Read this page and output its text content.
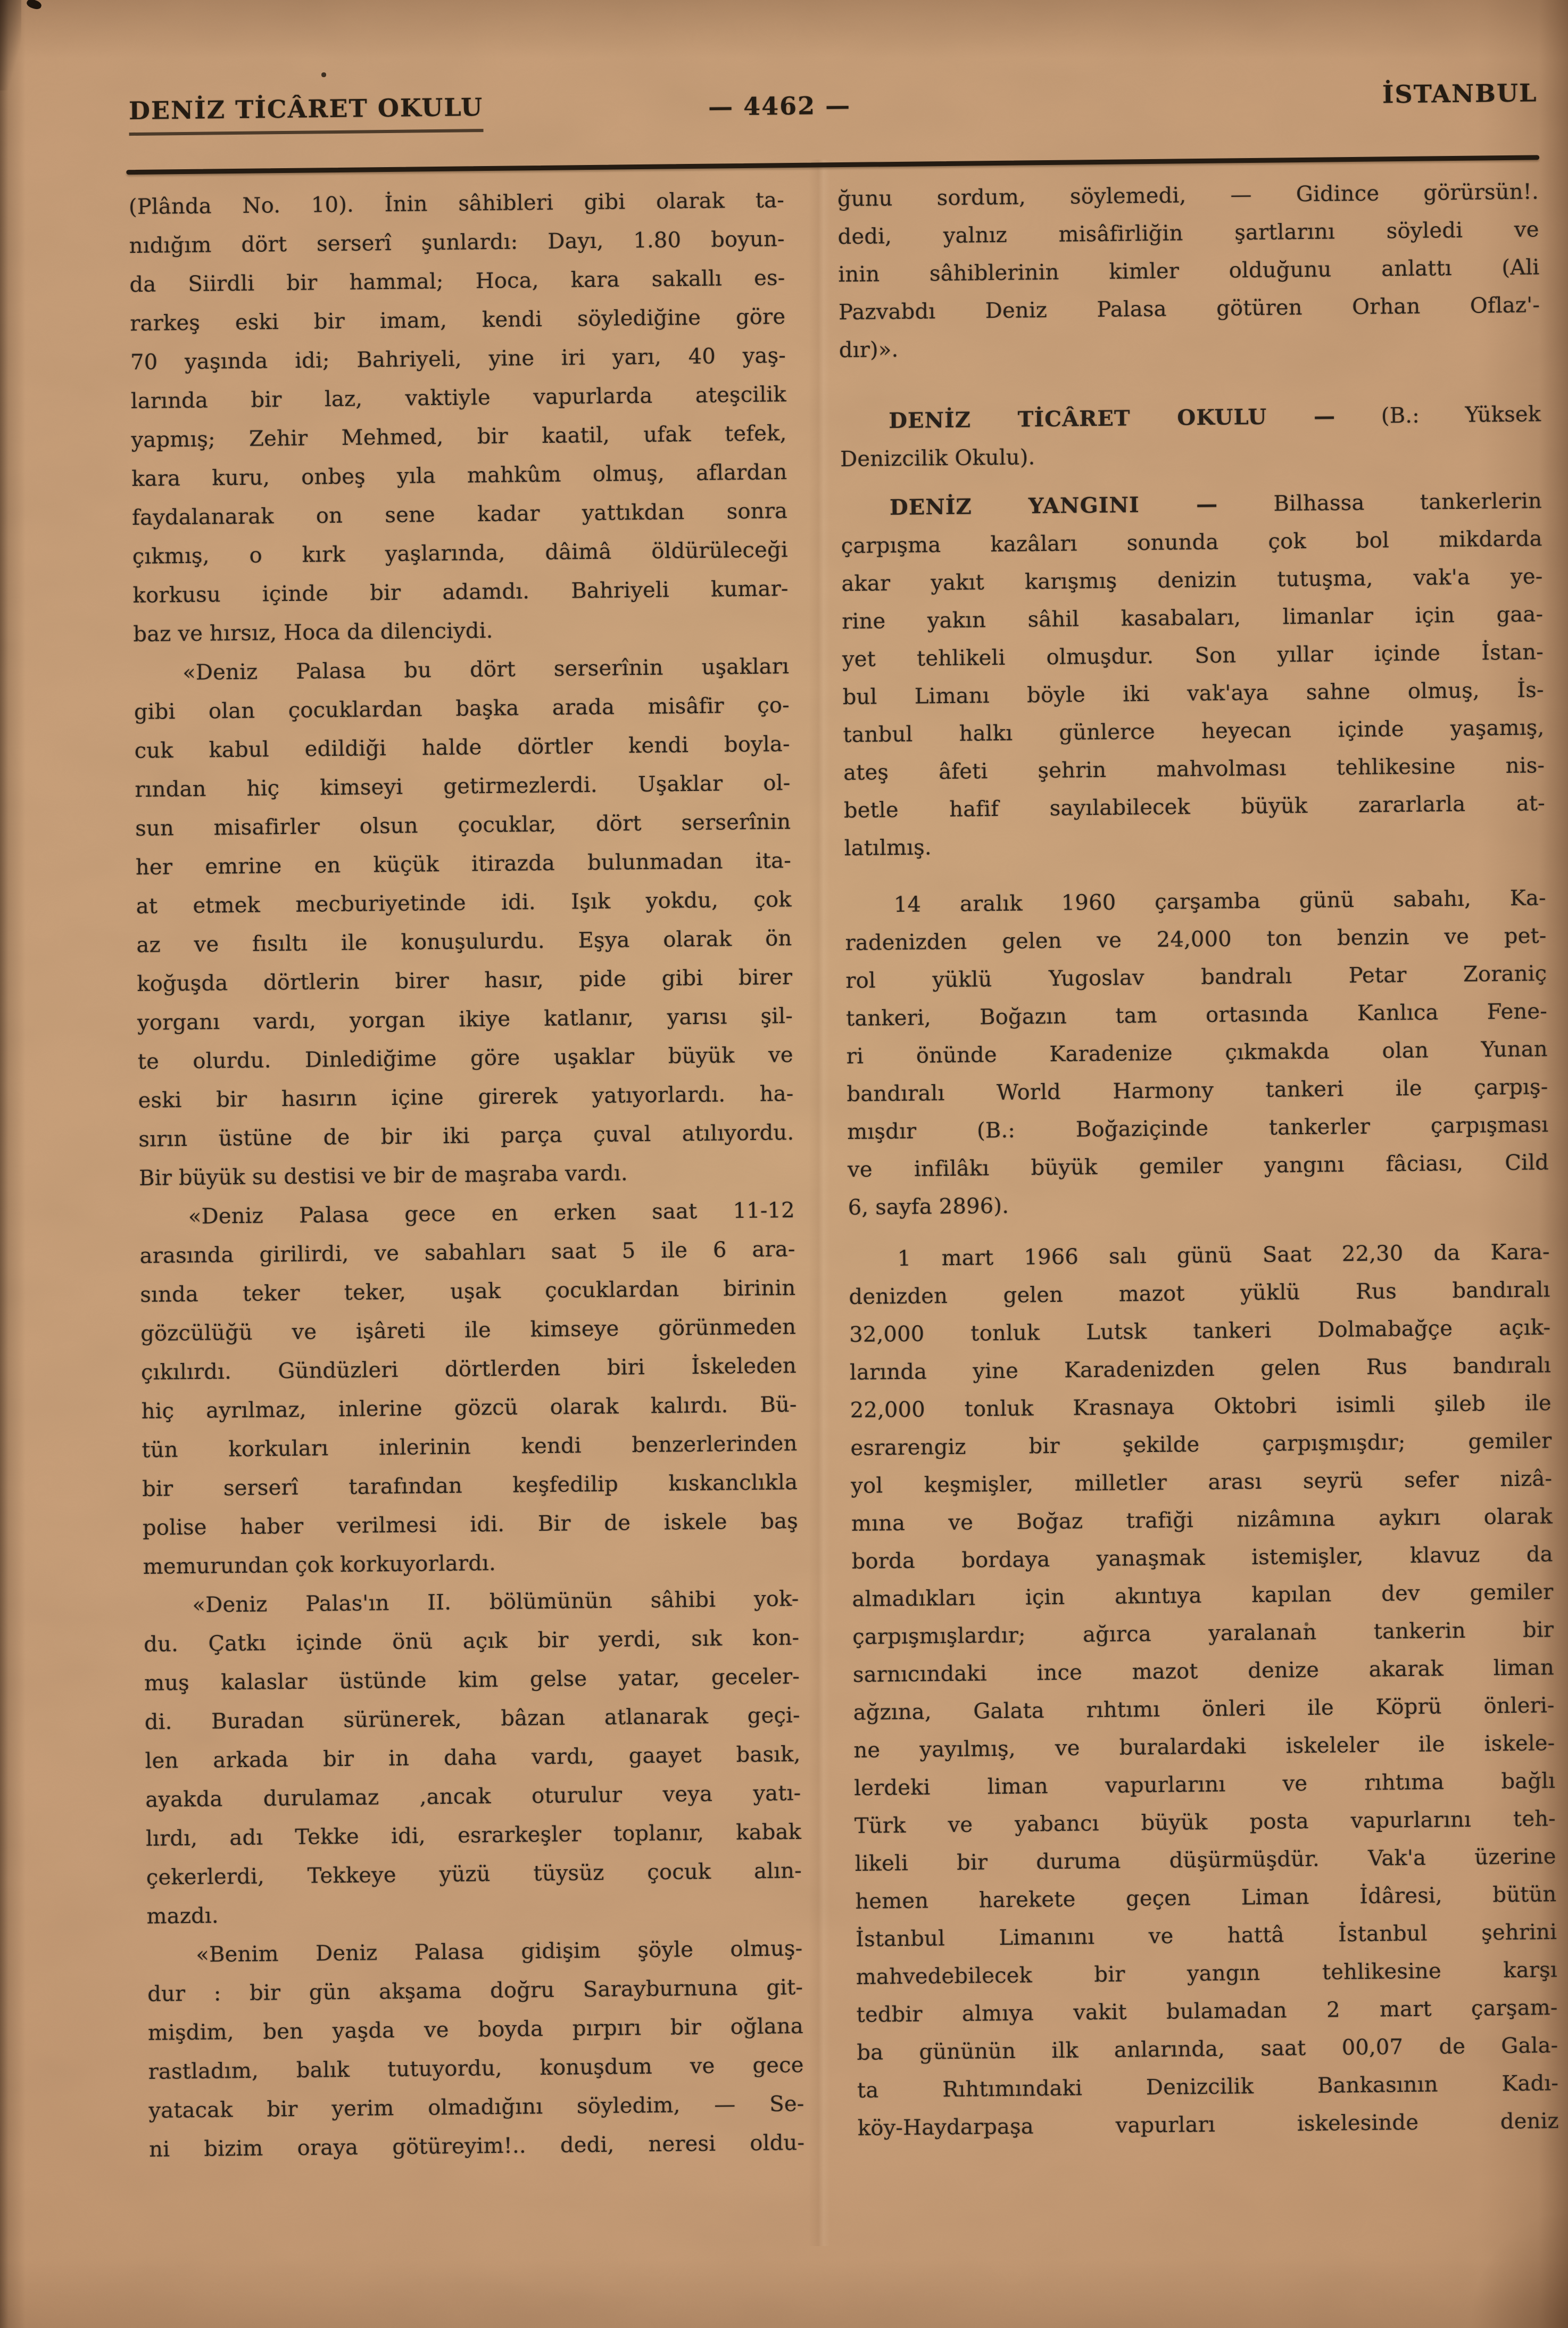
DENİZ TİCÂRET OKULU	— 4462 —	İSTANBUL
(Plânda No. 10). İnin sâhibleri gibi olarak ta-
nıdığım dört serserî şunlardı: Dayı, 1.80 boyun-
da Siirdli bir hammal; Hoca, kara sakallı es-
rarkeş eski bir imam, kendi söylediğine göre
70 yaşında idi; Bahriyeli, yine iri yarı, 40 yaş-
larında bir laz, vaktiyle vapurlarda ateşcilik
yapmış; Zehir Mehmed, bir kaatil, ufak tefek,
kara kuru, onbeş yıla mahkûm olmuş, aflardan
faydalanarak on sene kadar yattıkdan sonra
çıkmış, o kırk yaşlarında, dâimâ öldürüleceği
korkusu içinde bir adamdı. Bahriyeli kumar-
baz ve hırsız, Hoca da dilenciydi.
«Deniz Palasa bu dört serserînin uşakları
gibi olan çocuklardan başka arada misâfir ço-
cuk kabul edildiği halde dörtler kendi boyla-
rından hiç kimseyi getirmezlerdi. Uşaklar ol-
sun misafirler olsun çocuklar, dört serserînin
her emrine en küçük itirazda bulunmadan ita-
at etmek mecburiyetinde idi. Işık yokdu, çok
az ve fısıltı ile konuşulurdu. Eşya olarak ön
koğuşda dörtlerin birer hasır, pide gibi birer
yorganı vardı, yorgan ikiye katlanır, yarısı şil-
te olurdu. Dinlediğime göre uşaklar büyük ve
eski bir hasırın içine girerek yatıyorlardı. ha-
sırın üstüne de bir iki parça çuval atılıyordu.
Bir büyük su destisi ve bir de maşraba vardı.
«Deniz Palasa gece en erken saat 11-12
arasında girilirdi, ve sabahları saat 5 ile 6 ara-
sında teker teker, uşak çocuklardan birinin
gözcülüğü ve işâreti ile kimseye görünmeden
çıkılırdı. Gündüzleri dörtlerden biri İskeleden
hiç ayrılmaz, inlerine gözcü olarak kalırdı. Bü-
tün korkuları inlerinin kendi benzerlerinden
bir serserî tarafından keşfedilip kıskanclıkla
polise haber verilmesi idi. Bir de iskele baş
memurundan çok korkuyorlardı.
«Deniz Palas'ın II. bölümünün sâhibi yok-
du. Çatkı içinde önü açık bir yerdi, sık kon-
muş kalaslar üstünde kim gelse yatar, geceler-
di. Buradan sürünerek, bâzan atlanarak geçi-
len arkada bir in daha vardı, gaayet basık,
ayakda durulamaz ,ancak oturulur veya yatı-
lırdı, adı Tekke idi, esrarkeşler toplanır, kabak
çekerlerdi, Tekkeye yüzü tüysüz çocuk alın-
mazdı.
«Benim Deniz Palasa gidişim şöyle olmuş-
dur : bir gün akşama doğru Sarayburnuna git-
mişdim, ben yaşda ve boyda pırpırı bir oğlana
rastladım, balık tutuyordu, konuşdum ve gece
yatacak bir yerim olmadığını söyledim, — Se-
ni bizim oraya götüreyim!.. dedi, neresi oldu-
ğunu sordum, söylemedi, — Gidince görürsün!.
dedi, yalnız misâfirliğin şartlarını söyledi ve
inin sâhiblerinin kimler olduğunu anlattı (Ali
Pazvabdı Deniz Palasa götüren Orhan Oflaz'-
dır)».
DENİZ TİCÂRET OKULU — (B.: Yüksek
Denizcilik Okulu).
DENİZ YANGINI — Bilhassa tankerlerin
çarpışma kazâları sonunda çok bol mikdarda
akar yakıt karışmış denizin tutuşma, vak'a ye-
rine yakın sâhil kasabaları, limanlar için gaa-
yet tehlikeli olmuşdur. Son yıllar içinde İstan-
bul Limanı böyle iki vak'aya sahne olmuş, İs-
tanbul halkı günlerce heyecan içinde yaşamış,
ateş âfeti şehrin mahvolması tehlikesine nis-
betle hafif sayılabilecek büyük zararlarla at-
latılmış.
14 aralık 1960 çarşamba günü sabahı, Ka-
radenizden gelen ve 24,000 ton benzin ve pet-
rol yüklü Yugoslav bandralı Petar Zoraniç
tankeri, Boğazın tam ortasında Kanlıca Fene-
ri önünde Karadenize çıkmakda olan Yunan
bandıralı World Harmony tankeri ile çarpış-
mışdır (B.: Boğaziçinde tankerler çarpışması
ve infilâkı büyük gemiler yangını fâciası, Cild
6, sayfa 2896).
1 mart 1966 salı günü Saat 22,30 da Kara-
denizden gelen mazot yüklü Rus bandıralı
32,000 tonluk Lutsk tankeri Dolmabağçe açık-
larında yine Karadenizden gelen Rus bandıralı
22,000 tonluk Krasnaya Oktobri isimli şileb ile
esrarengiz bir şekilde çarpışmışdır; gemiler
yol keşmişler, milletler arası seyrü sefer nizâ-
mına ve Boğaz trafiği nizâmına aykırı olarak
borda bordaya yanaşmak istemişler, klavuz da
almadıkları için akıntıya kapılan dev gemiler
çarpışmışlardır; ağırca yaralanan tankerin bir
sarnıcındaki ince mazot denize akarak liman
ağzına, Galata rıhtımı önleri ile Köprü önleri-
ne yayılmış, ve buralardaki iskeleler ile iskele-
lerdeki liman vapurlarını ve rıhtıma bağlı
Türk ve yabancı büyük posta vapurlarını teh-
likeli bir duruma düşürmüşdür. Vak'a üzerine
hemen harekete geçen Liman İdâresi, bütün
İstanbul Limanını ve hattâ İstanbul şehrini
mahvedebilecek bir yangın tehlikesine karşı
tedbir almıya vakit bulamadan 2 mart çarşam-
ba gününün ilk anlarında, saat 00,07 de Gala-
ta Rıhtımındaki Denizcilik Bankasının Kadı-
köy-Haydarpaşa vapurları iskelesinde deniz
